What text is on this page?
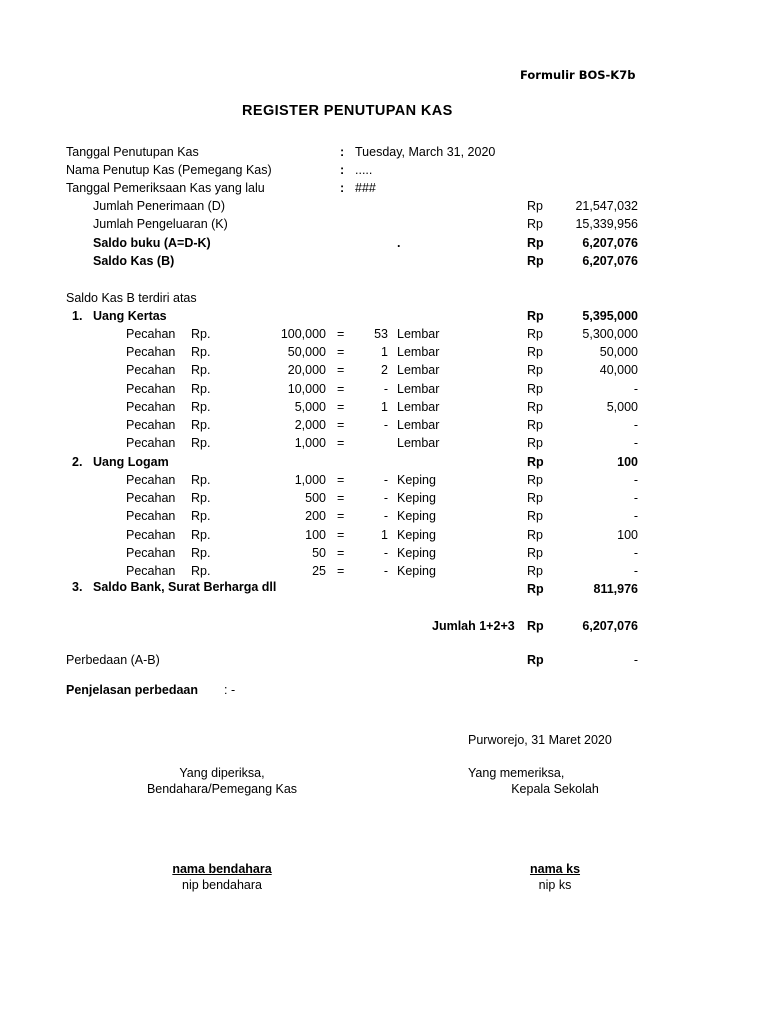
Formulir BOS-K7b
REGISTER PENUTUPAN KAS
Tanggal Penutupan Kas	: Tuesday, March 31, 2020
Nama Penutup Kas (Pemegang Kas)	: .....
Tanggal Pemeriksaan Kas yang lalu	: ###
Jumlah Penerimaan (D)	Rp	21,547,032
Jumlah Pengeluaran (K)	Rp	15,339,956
Saldo buku (A=D-K)	.	Rp	6,207,076
Saldo Kas (B)	Rp	6,207,076
Saldo Kas B terdiri atas
1. Uang Kertas	Rp	5,395,000
Pecahan Rp.	100,000 =	53 Lembar	Rp	5,300,000
Pecahan Rp.	50,000 =	1 Lembar	Rp	50,000
Pecahan Rp.	20,000 =	2 Lembar	Rp	40,000
Pecahan Rp.	10,000 =	- Lembar	Rp	-
Pecahan Rp.	5,000 =	1 Lembar	Rp	5,000
Pecahan Rp.	2,000 =	- Lembar	Rp	-
Pecahan Rp.	1,000 =	Lembar	Rp	-
2. Uang Logam	Rp	100
Pecahan Rp.	1,000 =	- Keping	Rp	-
Pecahan Rp.	500 =	- Keping	Rp	-
Pecahan Rp.	200 =	- Keping	Rp	-
Pecahan Rp.	100 =	1 Keping	Rp	100
Pecahan Rp.	50 =	- Keping	Rp	-
Pecahan Rp.	25 =	- Keping	Rp	-
3. Saldo Bank, Surat Berharga dll	Rp	811,976
Jumlah 1+2+3 Rp	6,207,076
Perbedaan (A-B)	Rp	-
Penjelasan perbedaan : -
Purworejo, 31 Maret 2020
Yang diperiksa,
Bendahara/Pemegang Kas
Yang memeriksa,
Kepala Sekolah
nama bendahara
nip bendahara
nama ks
nip ks
